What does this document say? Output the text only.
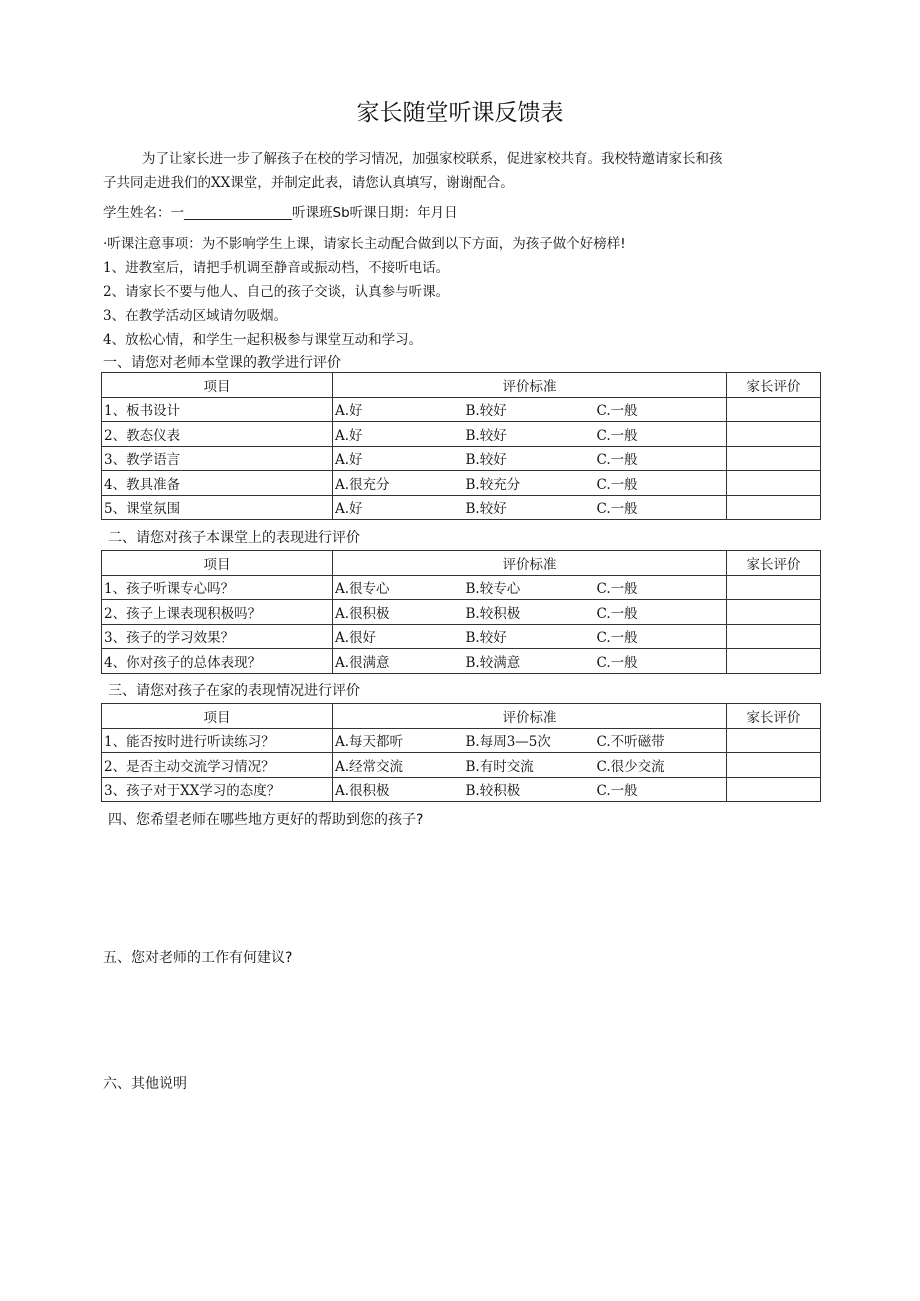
家长随堂听课反馈表
为了让家长进一步了解孩子在校的学习情况，加强家校联系，促进家校共育。我校特邀请家长和孩
子共同走进我们的XX课堂，并制定此表，请您认真填写，谢谢配合。
学生姓名：一________________听课班Sb听课日期：年月日
·听课注意事项：为不影响学生上课，请家长主动配合做到以下方面，为孩子做个好榜样!
1、进教室后，请把手机调至静音或振动档，不接听电话。
2、请家长不要与他人、自己的孩子交谈，认真参与听课。
3、在教学活动区域请勿吸烟。
4、放松心情，和学生一起积极参与课堂互动和学习。
一、请您对老师本堂课的教学进行评价
项目	评价标准			家长评价
1、板书设计	A.好	B.较好	C.一般	
2、教态仪表	A.好	B.较好	C.一般	
3、教学语言	A.好	B.较好	C.一般	
4、教具准备	A.很充分	B.较充分	C.一般	
5、课堂氛围	A.好	B.较好	C.一般	
二、请您对孩子本课堂上的表现进行评价
项目	评价标准			家长评价
1、孩子听课专心吗？	A.很专心	B.较专心	C.一般	
2、孩子上课表现积极吗？	A.很积极	B.较积极	C.一般	
3、孩子的学习效果？	A.很好	B.较好	C.一般	
4、你对孩子的总体表现？	A.很满意	B.较满意	C.一般	
三、请您对孩子在家的表现情况进行评价
项目	评价标准			家长评价
1、能否按时进行听读练习？	A.每天都听	B.每周3—5次	C.不听磁带	
2、是否主动交流学习情况？	A.经常交流	B.有时交流	C.很少交流	
3、孩子对于XX学习的态度？	A.很积极	B.较积极	C.一般	
四、您希望老师在哪些地方更好的帮助到您的孩子?
五、您对老师的工作有何建议?
六、其他说明
